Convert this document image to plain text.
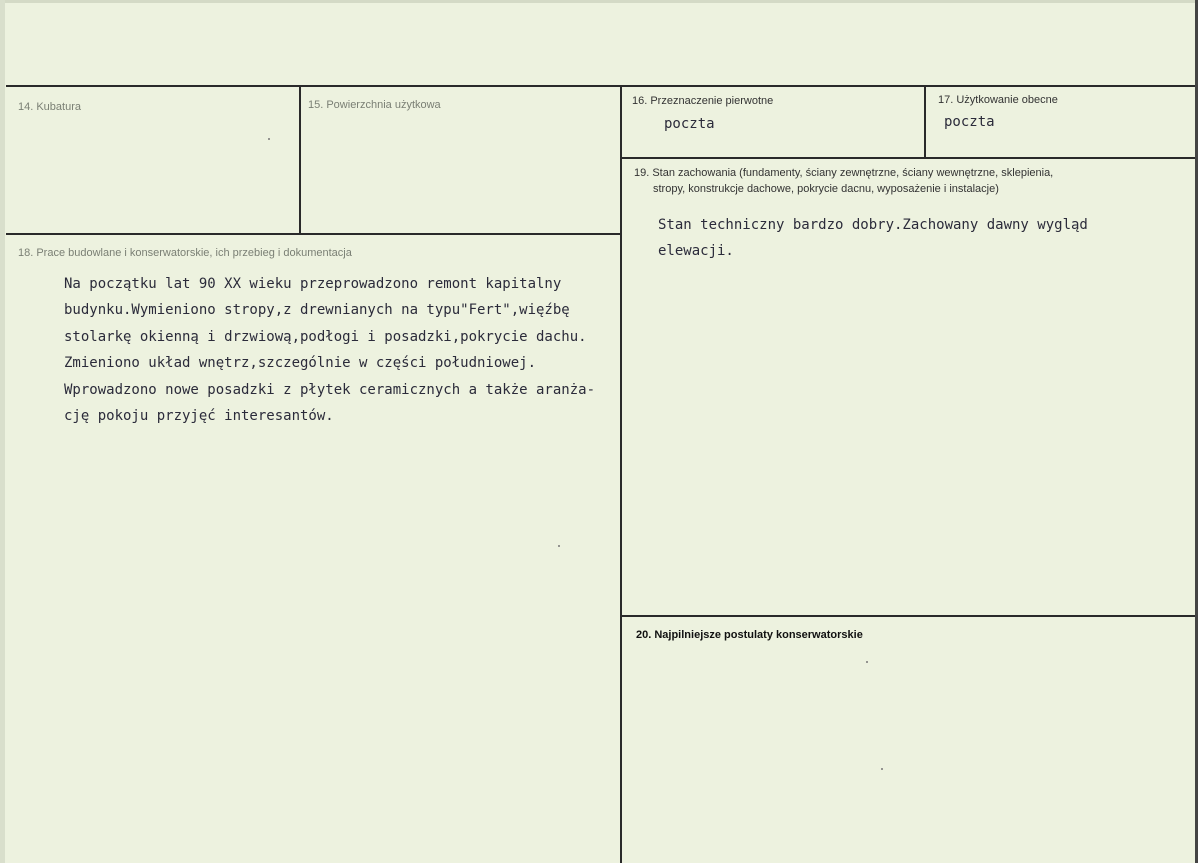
14. Kubatura	15. Powierzchnia użytkowa	16. Przeznaczenie pierwotne
poczta
17. Użytkowanie obecne
poczta
19. Stan zachowania (fundamenty, ściany zewnętrzne, ściany wewnętrzne, sklepienia,
stropy, konstrukcje dachowe, pokrycie dacnu, wyposażenie i instalacje)
Stan techniczny bardzo dobry.Zachowany dawny wygląd
elewacji.
18. Prace budowlane i konserwatorskie, ich przebieg i dokumentacja
Na początku lat 90 XX wieku przeprowadzono remont kapitalny
budynku.Wymieniono stropy,z drewnianych na typu"Fert",więźbę
stolarkę okienną i drzwiową,podłogi i posadzki,pokrycie dachu.
Zmieniono układ wnętrz,szczególnie w części południowej.
Wprowadzono nowe posadzki z płytek ceramicznych a także aranża-
cję pokoju przyjęć interesantów.
20. Najpilniejsze postulaty konserwatorskie
